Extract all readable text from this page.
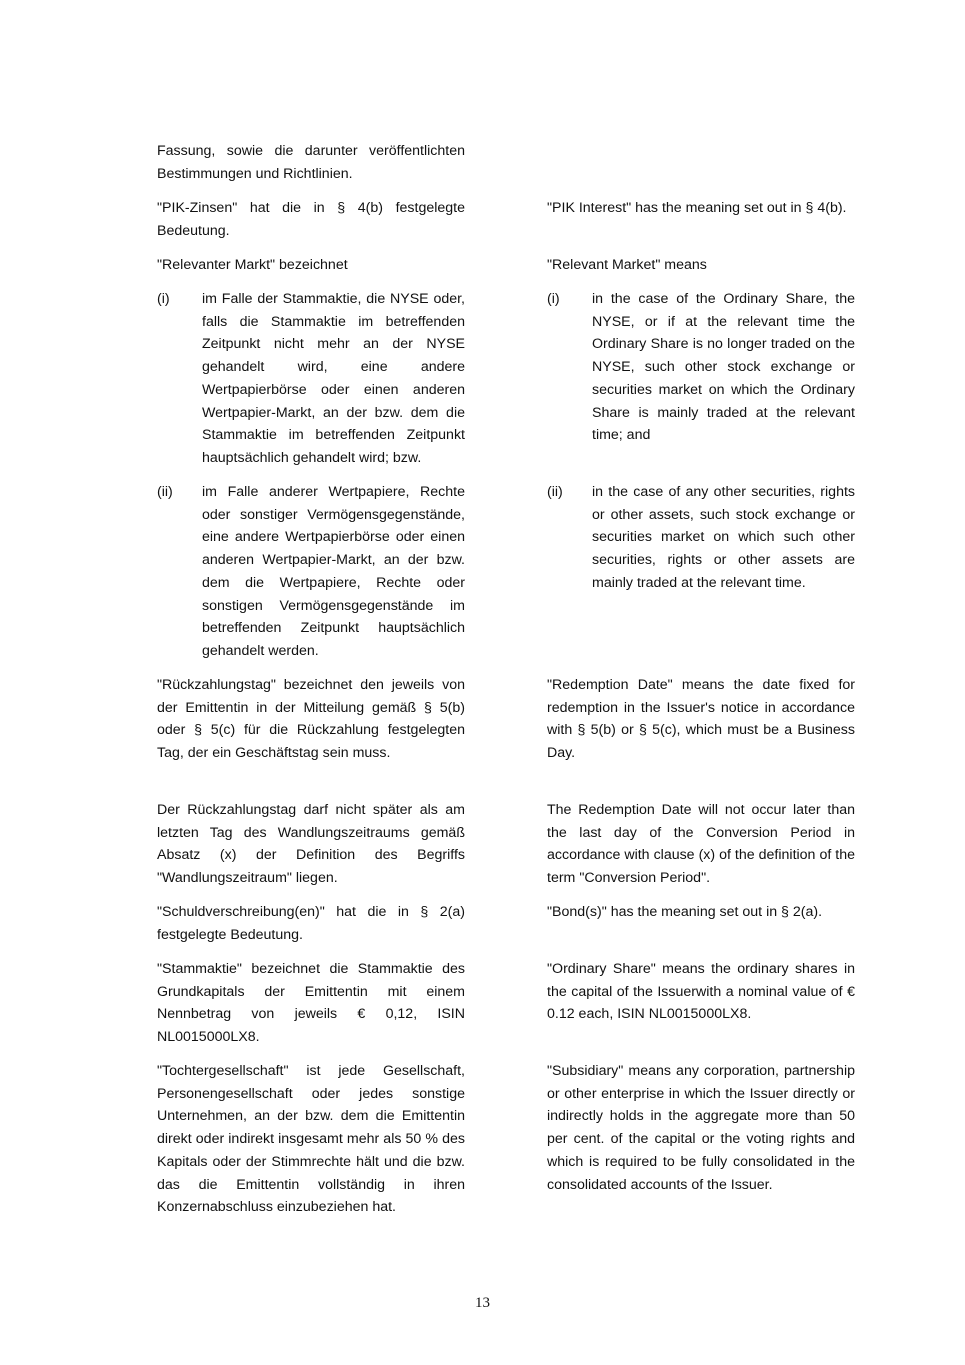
Fassung, sowie die darunter veröffentlichten Bestimmungen und Richtlinien.

"PIK-Zinsen" hat die in § 4(b) festgelegte Bedeutung.

"Relevanter Markt" bezeichnet

(i) im Falle der Stammaktie, die NYSE oder, falls die Stammaktie im betreffenden Zeitpunkt nicht mehr an der NYSE gehandelt wird, eine andere Wertpapierbörse oder einen anderen Wertpapier-Markt, an der bzw. dem die Stammaktie im betreffenden Zeitpunkt hauptsächlich gehandelt wird; bzw.

(ii) im Falle anderer Wertpapiere, Rechte oder sonstiger Vermögensgegenstände, eine andere Wertpapierbörse oder einen anderen Wertpapier-Markt, an der bzw. dem die Wertpapiere, Rechte oder sonstigen Vermögensgegenstände im betreffenden Zeitpunkt hauptsächlich gehandelt werden.

"Rückzahlungstag" bezeichnet den jeweils von der Emittentin in der Mitteilung gemäß § 5(b) oder § 5(c) für die Rückzahlung festgelegten Tag, der ein Geschäftstag sein muss.

Der Rückzahlungstag darf nicht später als am letzten Tag des Wandlungszeitraums gemäß Absatz (x) der Definition des Begriffs "Wandlungszeitraum" liegen.

"Schuldverschreibung(en)" hat die in § 2(a) festgelegte Bedeutung.

"Stammaktie" bezeichnet die Stammaktie des Grundkapitals der Emittentin mit einem Nennbetrag von jeweils € 0,12, ISIN NL0015000LX8.

"Tochtergesellschaft" ist jede Gesellschaft, Personengesellschaft oder jedes sonstige Unternehmen, an der bzw. dem die Emittentin direkt oder indirekt insgesamt mehr als 50 % des Kapitals oder der Stimmrechte hält und die bzw. das die Emittentin vollständig in ihren Konzernabschluss einzubeziehen hat.

"PIK Interest" has the meaning set out in § 4(b).

"Relevant Market" means

(i) in the case of the Ordinary Share, the NYSE, or if at the relevant time the Ordinary Share is no longer traded on the NYSE, such other stock exchange or securities market on which the Ordinary Share is mainly traded at the relevant time; and

(ii) in the case of any other securities, rights or other assets, such stock exchange or securities market on which such other securities, rights or other assets are mainly traded at the relevant time.

"Redemption Date" means the date fixed for redemption in the Issuer's notice in accordance with § 5(b) or § 5(c), which must be a Business Day.

The Redemption Date will not occur later than the last day of the Conversion Period in accordance with clause (x) of the definition of the term "Conversion Period".

"Bond(s)" has the meaning set out in § 2(a).

"Ordinary Share" means the ordinary shares in the capital of the Issuerwith a nominal value of € 0.12 each, ISIN NL0015000LX8.

"Subsidiary" means any corporation, partnership or other enterprise in which the Issuer directly or indirectly holds in the aggregate more than 50 per cent. of the capital or the voting rights and which is required to be fully consolidated in the consolidated accounts of the Issuer.

13
